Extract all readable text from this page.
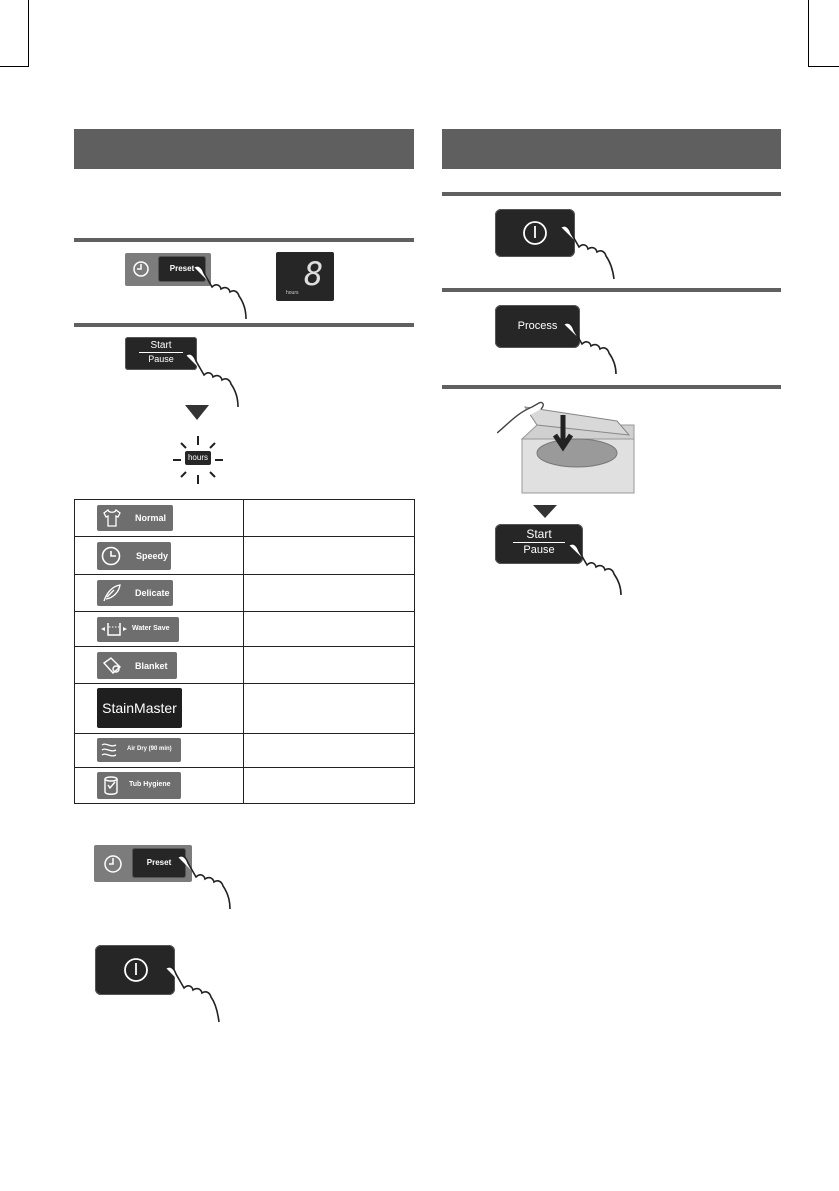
Preset	8
hours
Start
Pause
hours
Normal	

Speedy	

Delicate	

Water Save	

Blanket	

StainMaster	

Air Dry (90 min)	

Tub Hygiene	

Preset
Process
Start
Pause
